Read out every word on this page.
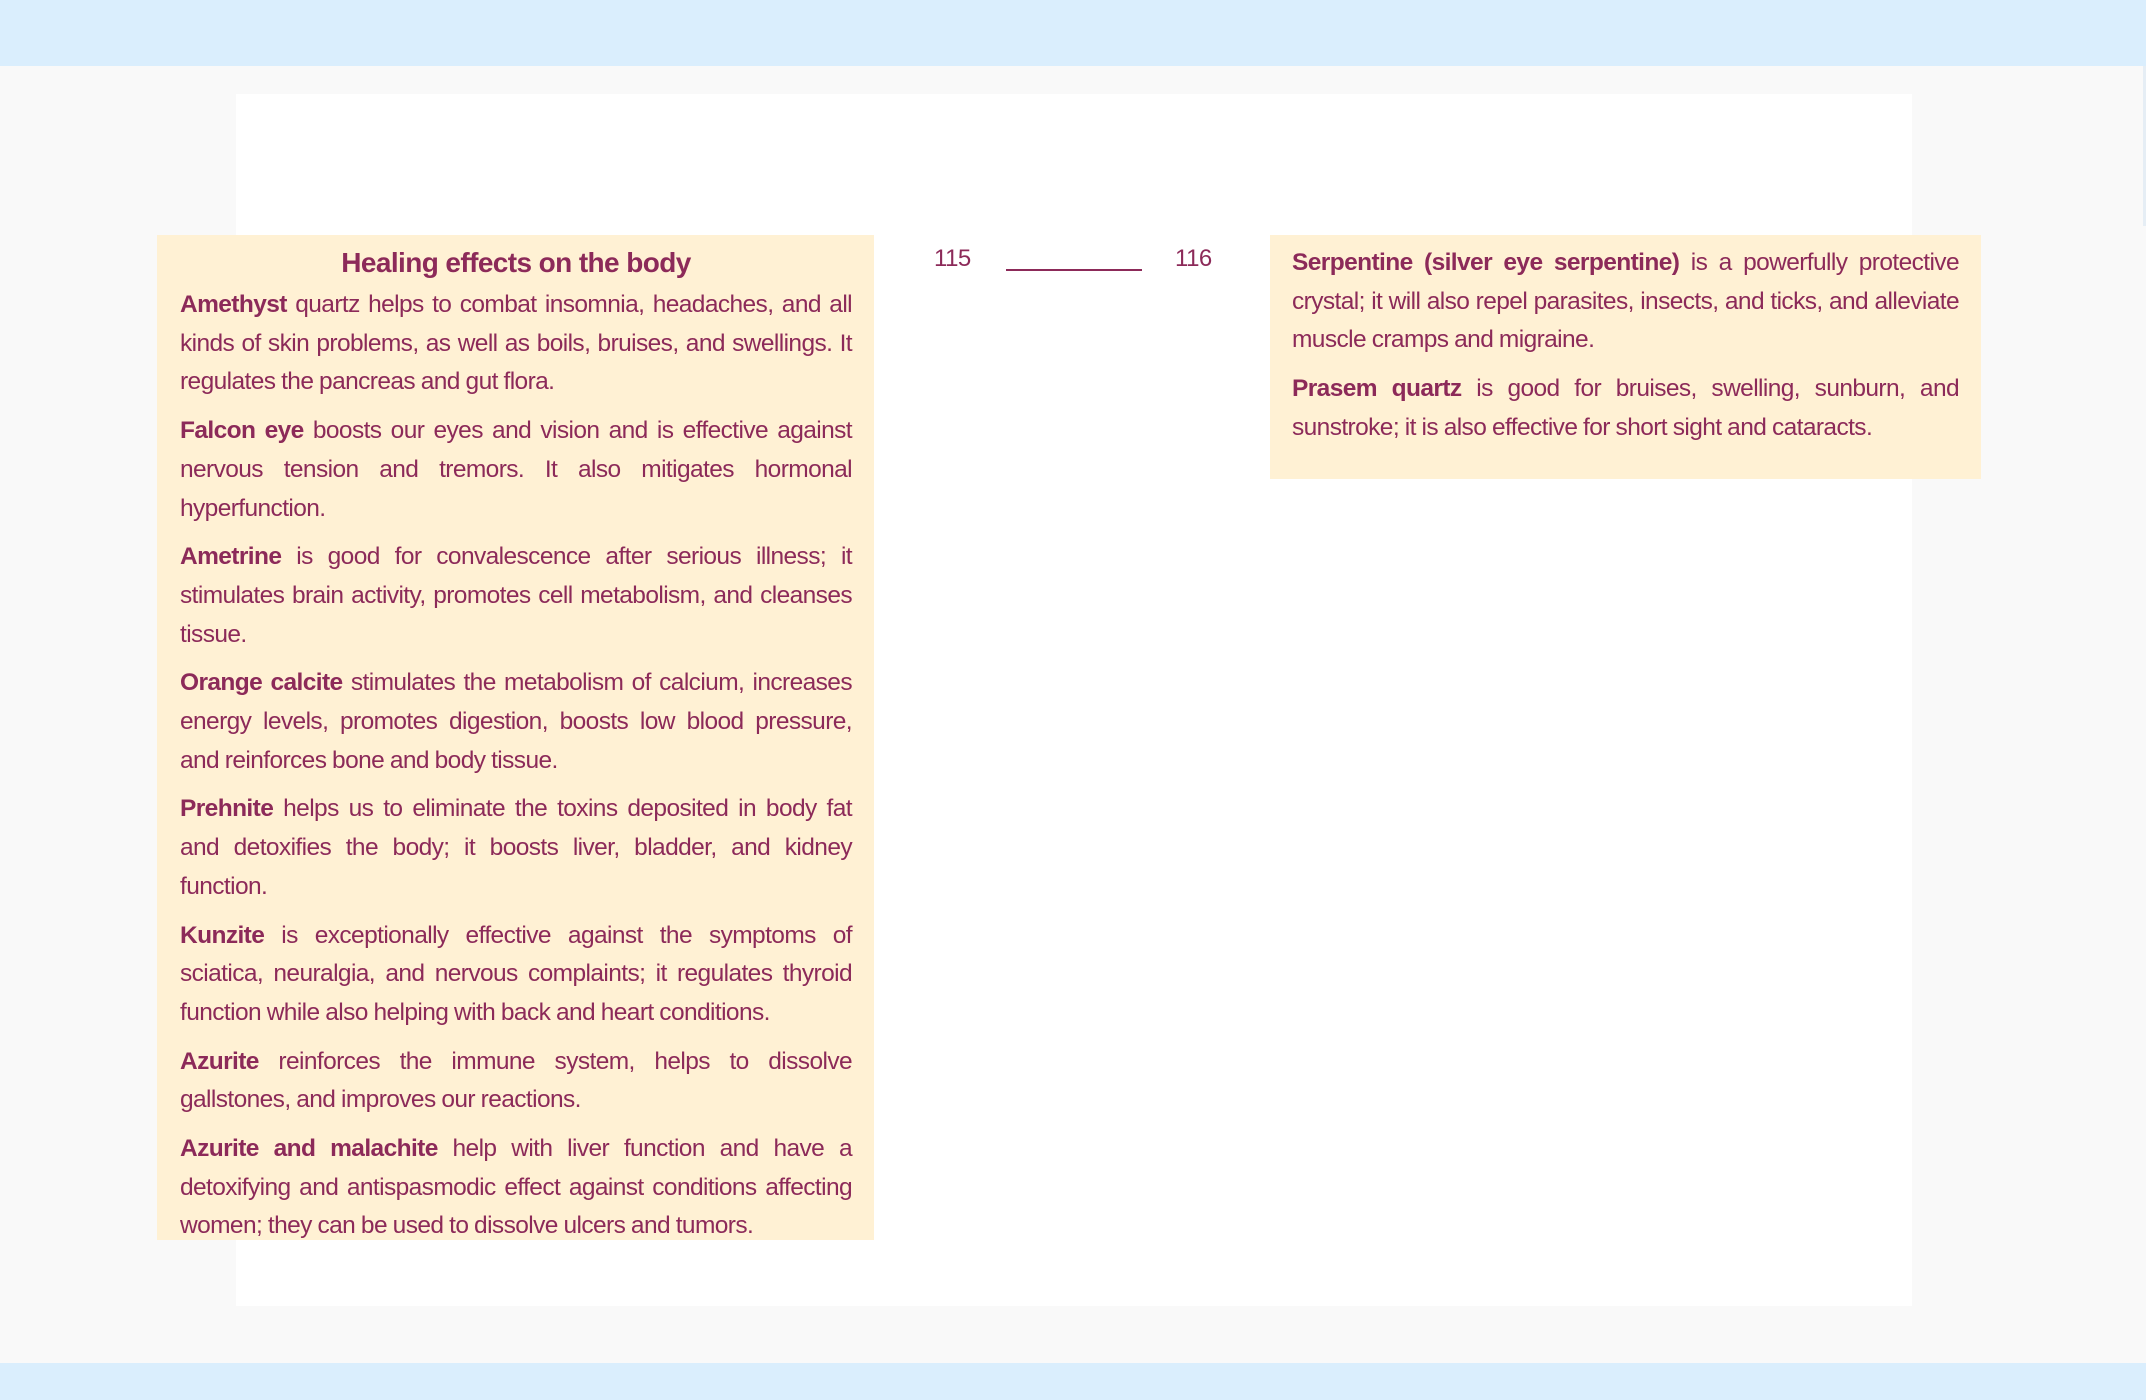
Healing effects on the body

Amethyst quartz helps to combat insomnia, headaches, and all kinds of skin problems, as well as boils, bruises, and swellings. It regulates the pancreas and gut flora.

Falcon eye boosts our eyes and vision and is effective against nervous tension and tremors. It also mitigates hormonal hyperfunction.

Ametrine is good for convalescence after serious illness; it stimulates brain activity, promotes cell metabolism, and cleanses tissue.

Orange calcite stimulates the metabolism of calcium, increases energy levels, promotes digestion, boosts low blood pressure, and reinforces bone and body tissue.

Prehnite helps us to eliminate the toxins deposited in body fat and detoxifies the body; it boosts liver, bladder, and kidney function.

Kunzite is exceptionally effective against the symptoms of sciatica, neuralgia, and nervous complaints; it regulates thyroid function while also helping with back and heart conditions.

Azurite reinforces the immune system, helps to dissolve gallstones, and improves our reactions.

Azurite and malachite help with liver function and have a detoxifying and antispasmodic effect against conditions affecting women; they can be used to dissolve ulcers and tumors.

115	116	Serpentine (silver eye serpentine) is a powerfully protective crystal; it will also repel parasites, insects, and ticks, and alleviate muscle cramps and migraine.

Prasem quartz is good for bruises, swelling, sunburn, and sunstroke; it is also effective for short sight and cataracts.
